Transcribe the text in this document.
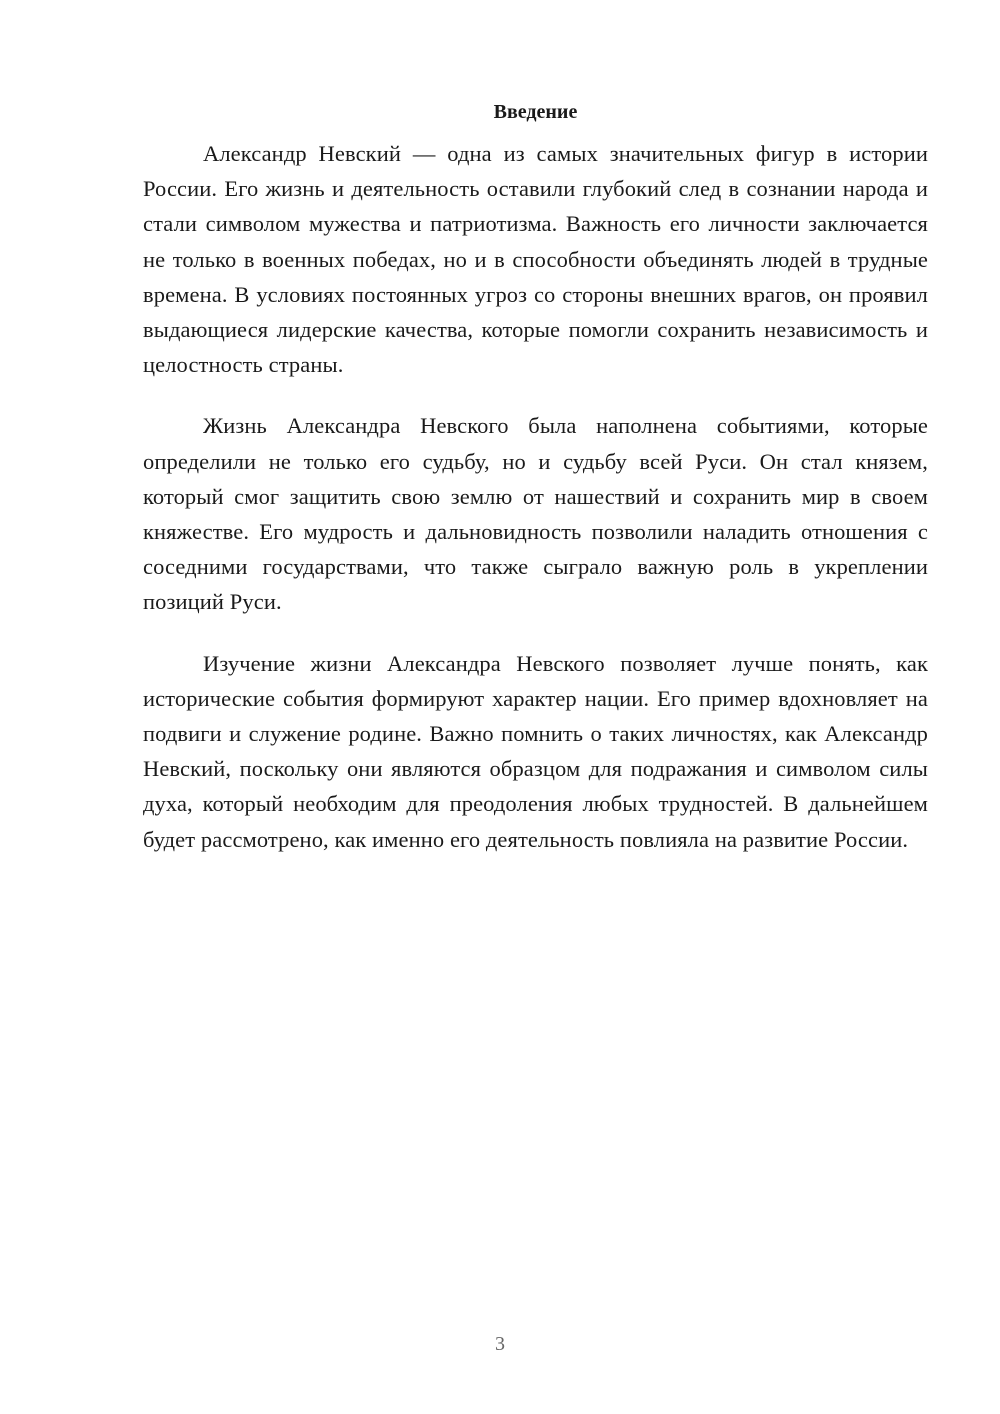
Введение

Александр Невский — одна из самых значительных фигур в истории России. Его жизнь и деятельность оставили глубокий след в сознании народа и стали символом мужества и патриотизма. Важность его личности заключается не только в военных победах, но и в способности объединять людей в трудные времена. В условиях постоянных угроз со стороны внешних врагов, он проявил выдающиеся лидерские качества, которые помогли сохранить независимость и целостность страны.

Жизнь Александра Невского была наполнена событиями, которые определили не только его судьбу, но и судьбу всей Руси. Он стал князем, который смог защитить свою землю от нашествий и сохранить мир в своем княжестве. Его мудрость и дальновидность позволили наладить отношения с соседними государствами, что также сыграло важную роль в укреплении позиций Руси.

Изучение жизни Александра Невского позволяет лучше понять, как исторические события формируют характер нации. Его пример вдохновляет на подвиги и служение родине. Важно помнить о таких личностях, как Александр Невский, поскольку они являются образцом для подражания и символом силы духа, который необходим для преодоления любых трудностей. В дальнейшем будет рассмотрено, как именно его деятельность повлияла на развитие России.

3
